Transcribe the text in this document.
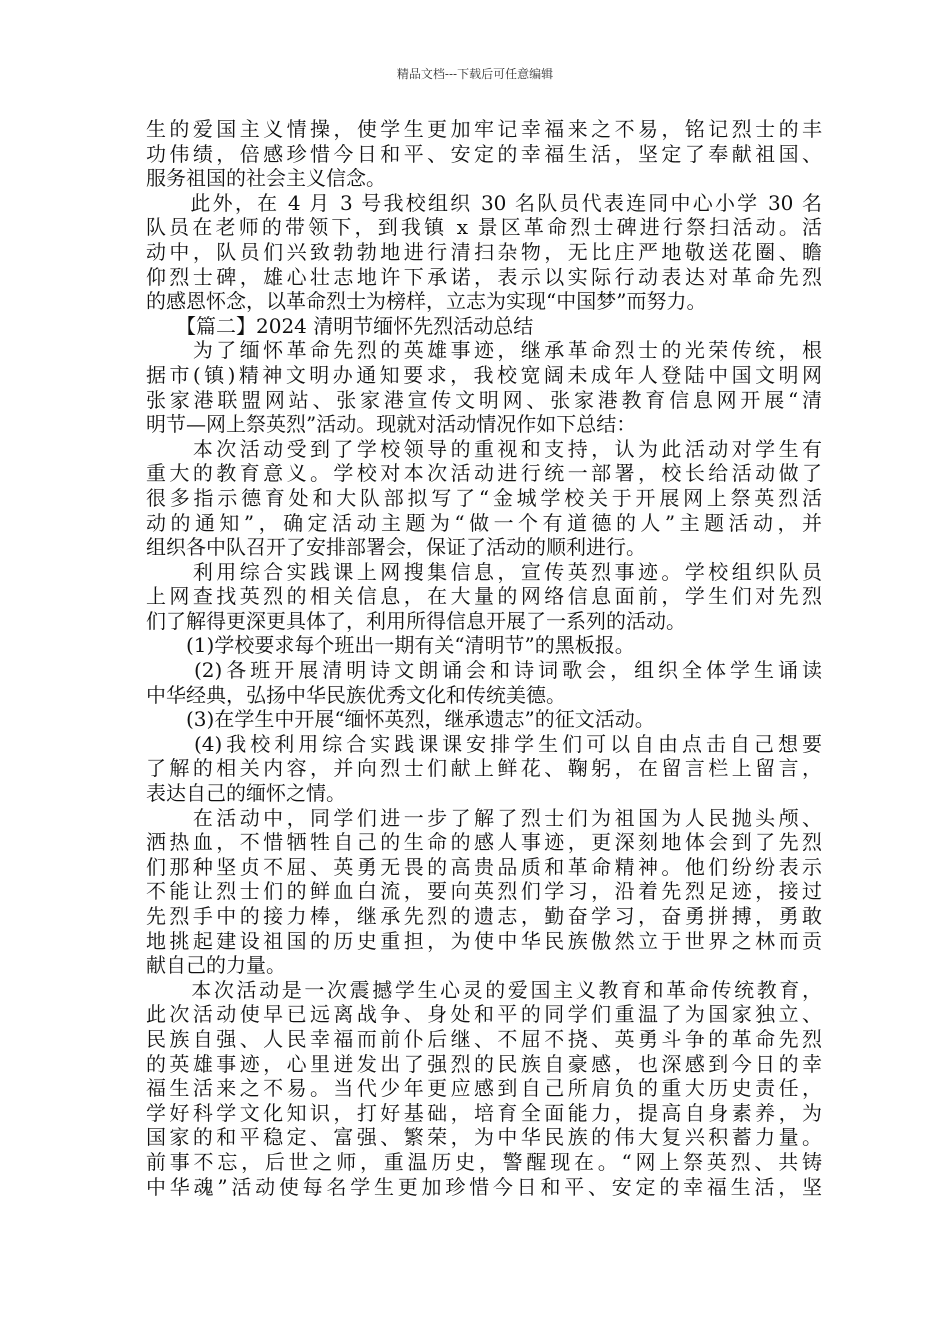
精品文档---下载后可任意编辑
生的爱国主义情操，使学生更加牢记幸福来之不易，铭记烈士的丰
功伟绩，倍感珍惜今日和平、安定的幸福生活，坚定了奉献祖国、
服务祖国的社会主义信念。
　　此外，在 4 月 3 号我校组织 30 名队员代表连同中心小学 30 名
队员在老师的带领下，到我镇 x 景区革命烈士碑进行祭扫活动。活
动中，队员们兴致勃勃地进行清扫杂物，无比庄严地敬送花圈、瞻
仰烈士碑，雄心壮志地许下承诺，表示以实际行动表达对革命先烈
的感恩怀念，以革命烈士为榜样，立志为实现“中国梦”而努力。
　　【篇二】2024 清明节缅怀先烈活动总结
　　为了缅怀革命先烈的英雄事迹，继承革命烈士的光荣传统，根
据市(镇)精神文明办通知要求，我校宽阔未成年人登陆中国文明网
张家港联盟网站、张家港宣传文明网、张家港教育信息网开展“清
明节—网上祭英烈”活动。现就对活动情况作如下总结：
　　本次活动受到了学校领导的重视和支持，认为此活动对学生有
重大的教育意义。学校对本次活动进行统一部署，校长给活动做了
很多指示德育处和大队部拟写了“金城学校关于开展网上祭英烈活
动的通知”，确定活动主题为“做一个有道德的人”主题活动，并
组织各中队召开了安排部署会，保证了活动的顺利进行。
　　利用综合实践课上网搜集信息，宣传英烈事迹。学校组织队员
上网查找英烈的相关信息，在大量的网络信息面前，学生们对先烈
们了解得更深更具体了，利用所得信息开展了一系列的活动。
　　(1)学校要求每个班出一期有关“清明节”的黑板报。
　　(2)各班开展清明诗文朗诵会和诗词歌会，组织全体学生诵读
中华经典，弘扬中华民族优秀文化和传统美德。
　　(3)在学生中开展“缅怀英烈，继承遗志”的征文活动。
　　(4)我校利用综合实践课课安排学生们可以自由点击自己想要
了解的相关内容，并向烈士们献上鲜花、鞠躬，在留言栏上留言，
表达自己的缅怀之情。
　　在活动中，同学们进一步了解了烈士们为祖国为人民抛头颅、
洒热血，不惜牺牲自己的生命的感人事迹，更深刻地体会到了先烈
们那种坚贞不屈、英勇无畏的高贵品质和革命精神。他们纷纷表示
不能让烈士们的鲜血白流，要向英烈们学习，沿着先烈足迹，接过
先烈手中的接力棒，继承先烈的遗志，勤奋学习，奋勇拼搏，勇敢
地挑起建设祖国的历史重担，为使中华民族傲然立于世界之林而贡
献自己的力量。
　　本次活动是一次震撼学生心灵的爱国主义教育和革命传统教育，
此次活动使早已远离战争、身处和平的同学们重温了为国家独立、
民族自强、人民幸福而前仆后继、不屈不挠、英勇斗争的革命先烈
的英雄事迹，心里迸发出了强烈的民族自豪感，也深感到今日的幸
福生活来之不易。当代少年更应感到自己所肩负的重大历史责任，
学好科学文化知识，打好基础，培育全面能力，提高自身素养，为
国家的和平稳定、富强、繁荣，为中华民族的伟大复兴积蓄力量。
前事不忘，后世之师，重温历史，警醒现在。“网上祭英烈、共铸
中华魂”活动使每名学生更加珍惜今日和平、安定的幸福生活，坚
